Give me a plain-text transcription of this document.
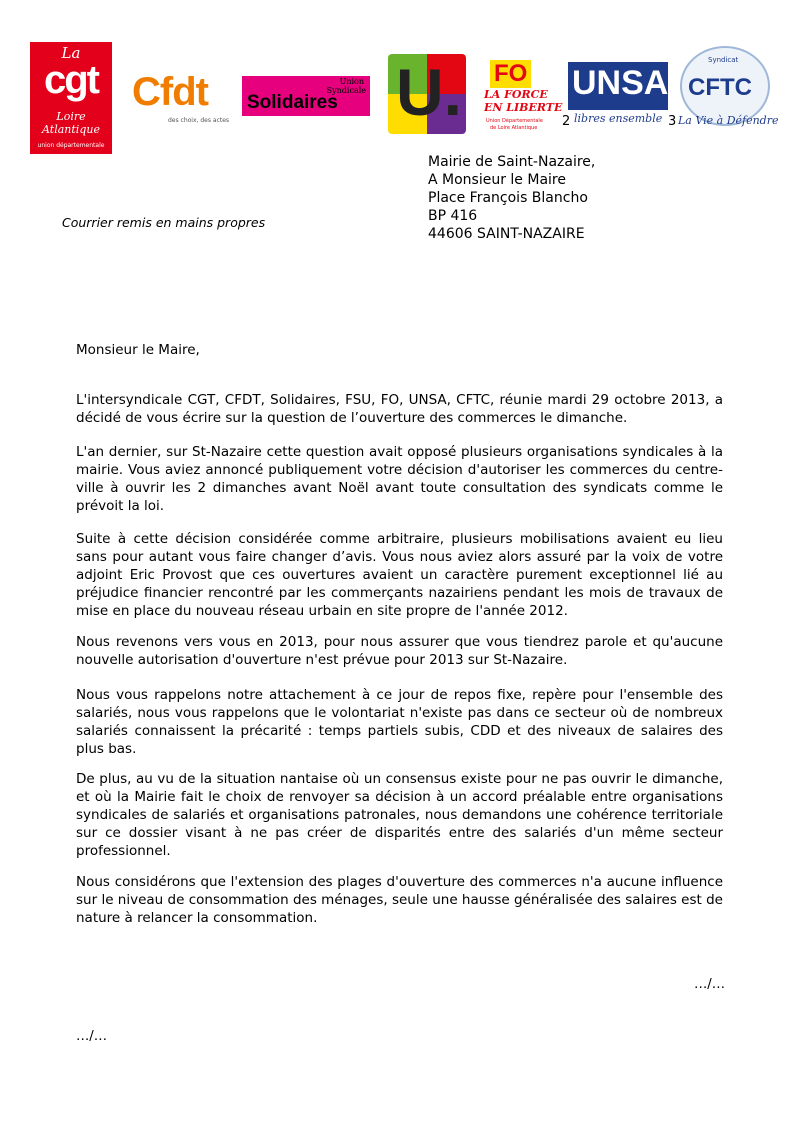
La
cgt
Loire Atlantique
union départementale
Cfdt
des choix, des actes
Union
Syndicale
Solidaires U. FO
LA FORCE
EN LIBERTE
Union Départementale
de Loire Atlantique 2
UNSA
libres ensemble
Syndicat
CFTC
3 La Vie à Défendre
Mairie de Saint-Nazaire,
A Monsieur le Maire
Place François Blancho
BP 416
44606 SAINT-NAZAIRE
Courrier remis en mains propres
Monsieur le Maire,

L'intersyndicale CGT, CFDT, Solidaires, FSU, FO, UNSA, CFTC, réunie mardi 29 octobre 2013, a décidé de vous écrire sur la question de l’ouverture des commerces le dimanche.

L'an dernier, sur St-Nazaire cette question avait opposé plusieurs organisations syndicales à la mairie. Vous aviez annoncé publiquement votre décision d'autoriser les commerces du centre-ville à ouvrir les 2 dimanches avant Noël avant toute consultation des syndicats comme le prévoit la loi.

Suite à cette décision considérée comme arbitraire, plusieurs mobilisations avaient eu lieu sans pour autant vous faire changer d’avis. Vous nous aviez alors assuré par la voix de votre adjoint Eric Provost que ces ouvertures avaient un caractère purement exceptionnel lié au préjudice financier rencontré par les commerçants nazairiens pendant les mois de travaux de mise en place du nouveau réseau urbain en site propre de l'année 2012.

Nous revenons vers vous en 2013, pour nous assurer que vous tiendrez parole et qu'aucune nouvelle autorisation d'ouverture n'est prévue pour 2013 sur St-Nazaire.

Nous vous rappelons notre attachement à ce jour de repos fixe, repère pour l'ensemble des salariés, nous vous rappelons que le volontariat n'existe pas dans ce secteur où de nombreux salariés connaissent la précarité : temps partiels subis, CDD et des niveaux de salaires des plus bas.

De plus, au vu de la situation nantaise où un consensus existe pour ne pas ouvrir le dimanche, et où la Mairie fait le choix de renvoyer sa décision à un accord préalable entre organisations syndicales de salariés et organisations patronales, nous demandons une cohérence territoriale sur ce dossier visant à ne pas créer de disparités entre des salariés d'un même secteur professionnel.

Nous considérons que l'extension des plages d'ouverture des commerces n'a aucune influence sur le niveau de consommation des ménages, seule une hausse généralisée des salaires est de nature à relancer la consommation.

…/…
…/…
